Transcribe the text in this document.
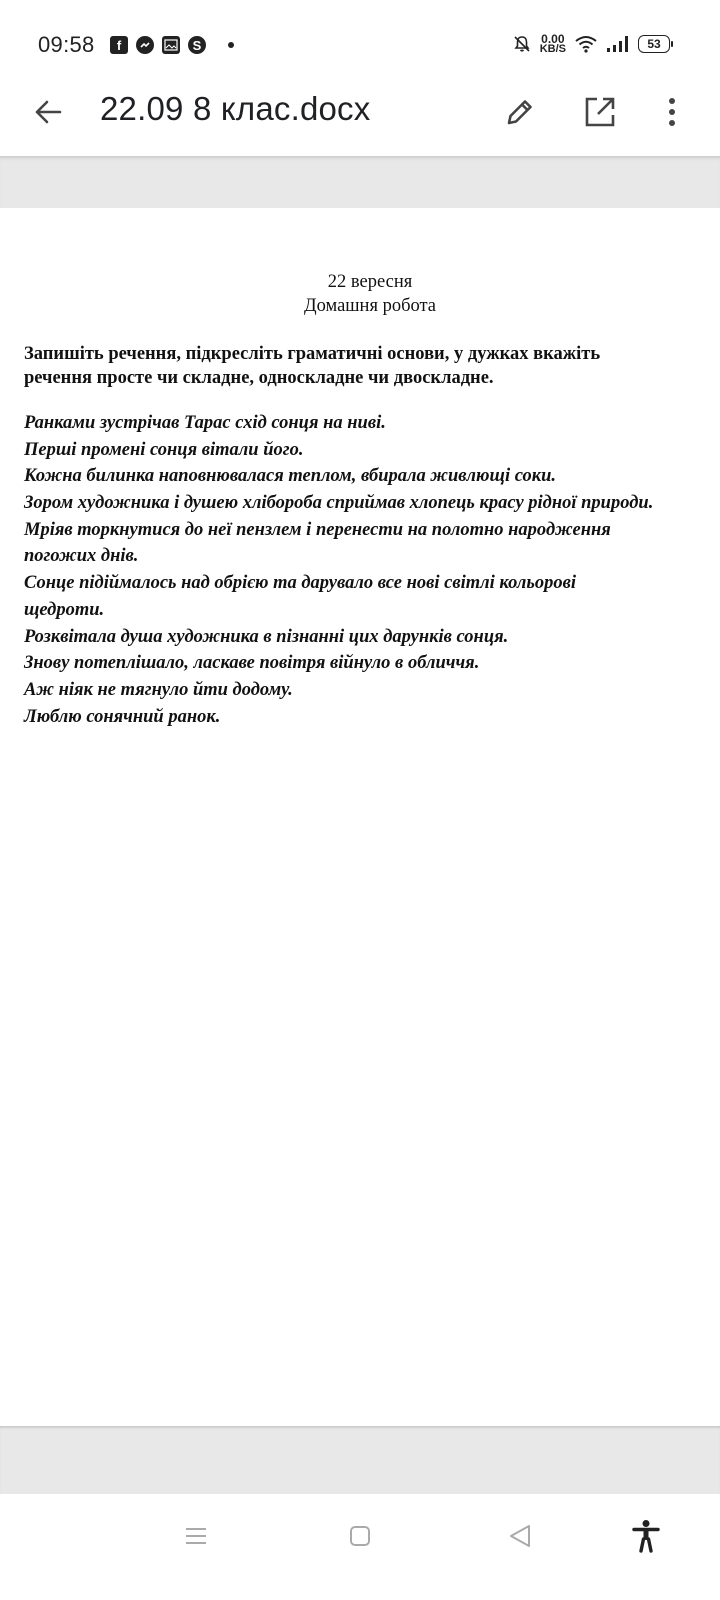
09:58	f	S	0.00
KB/S	53
22.09 8 клас.docx
22 вересня
Домашня робота
Запишіть речення, підкресліть граматичні основи, у дужках вкажіть
речення просте чи складне, односкладне чи двоскладне.
Ранками зустрічав Тарас схід сонця на ниві.
Перші промені сонця вітали його.
Кожна билинка наповнювалася теплом, вбирала живлющі соки.
Зором художника і душею хлібороба сприймав хлопець красу рідної природи.
Мріяв торкнутися до неї пензлем і перенести на полотно народження
погожих днів.
Сонце підіймалось над обрією та дарувало все нові світлі кольорові
щедроти.
Розквітала душа художника в пізнанні цих дарунків сонця.
Знову потеплішало, ласкаве повітря війнуло в обличчя.
Аж ніяк не тягнуло йти додому.
Люблю сонячний ранок.
